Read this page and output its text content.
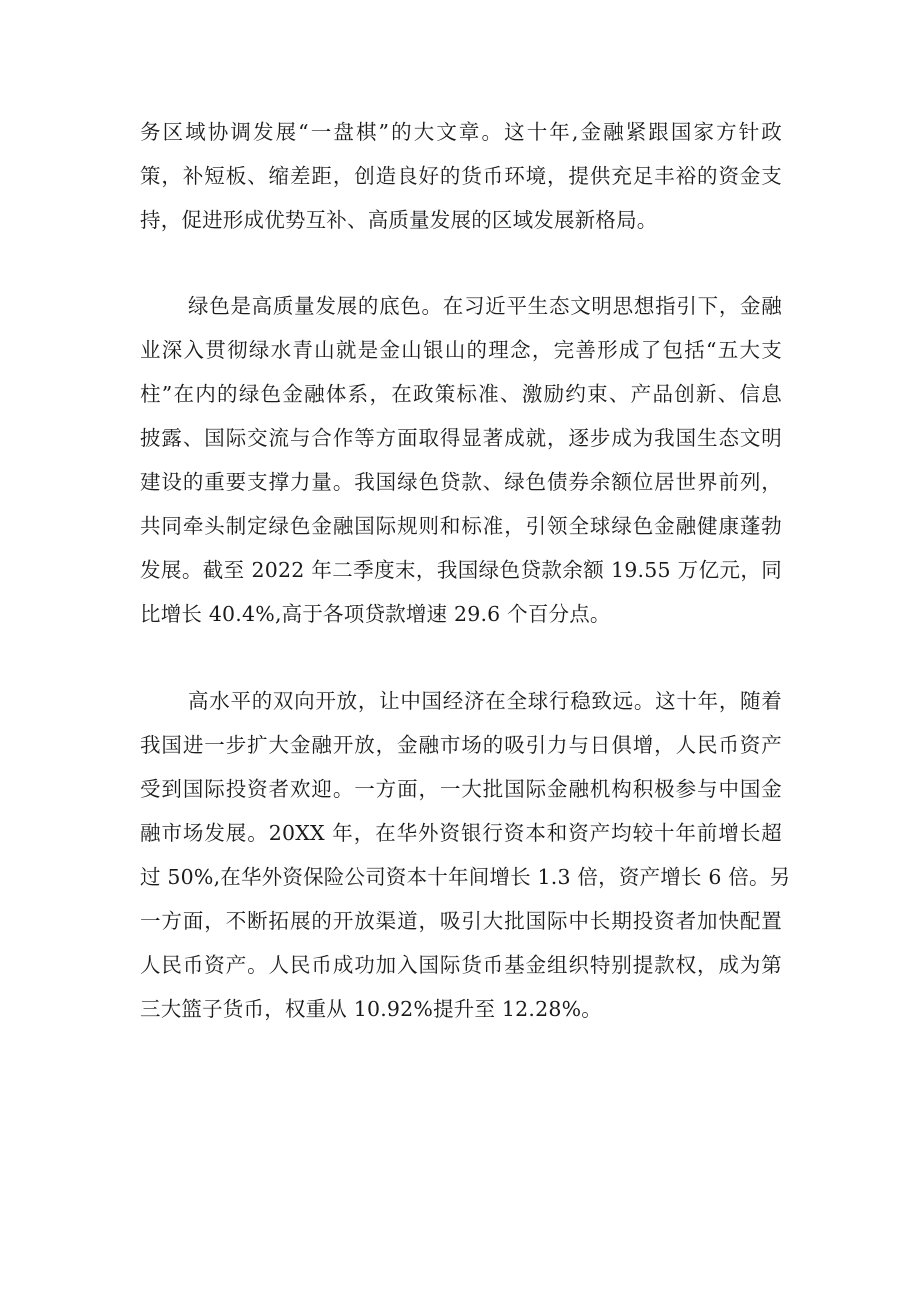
务区域协调发展“一盘棋”的大文章。这十年,金融紧跟国家方针政

策，补短板、缩差距，创造良好的货币环境，提供充足丰裕的资金支

持，促进形成优势互补、高质量发展的区域发展新格局。

绿色是高质量发展的底色。在习近平生态文明思想指引下，金融

业深入贯彻绿水青山就是金山银山的理念，完善形成了包括“五大支

柱”在内的绿色金融体系，在政策标准、激励约束、产品创新、信息

披露、国际交流与合作等方面取得显著成就，逐步成为我国生态文明

建设的重要支撑力量。我国绿色贷款、绿色债券余额位居世界前列，

共同牵头制定绿色金融国际规则和标准，引领全球绿色金融健康蓬勃

发展。截至 2022 年二季度末，我国绿色贷款余额 19.55 万亿元，同

比增长 40.4%,高于各项贷款增速 29.6 个百分点。

高水平的双向开放，让中国经济在全球行稳致远。这十年，随着

我国进一步扩大金融开放，金融市场的吸引力与日俱增，人民币资产

受到国际投资者欢迎。一方面，一大批国际金融机构积极参与中国金

融市场发展。20XX 年，在华外资银行资本和资产均较十年前增长超

过 50%,在华外资保险公司资本十年间增长 1.3 倍，资产增长 6 倍。另

一方面，不断拓展的开放渠道，吸引大批国际中长期投资者加快配置

人民币资产。人民币成功加入国际货币基金组织特别提款权，成为第

三大篮子货币，权重从 10.92%提升至 12.28%。
